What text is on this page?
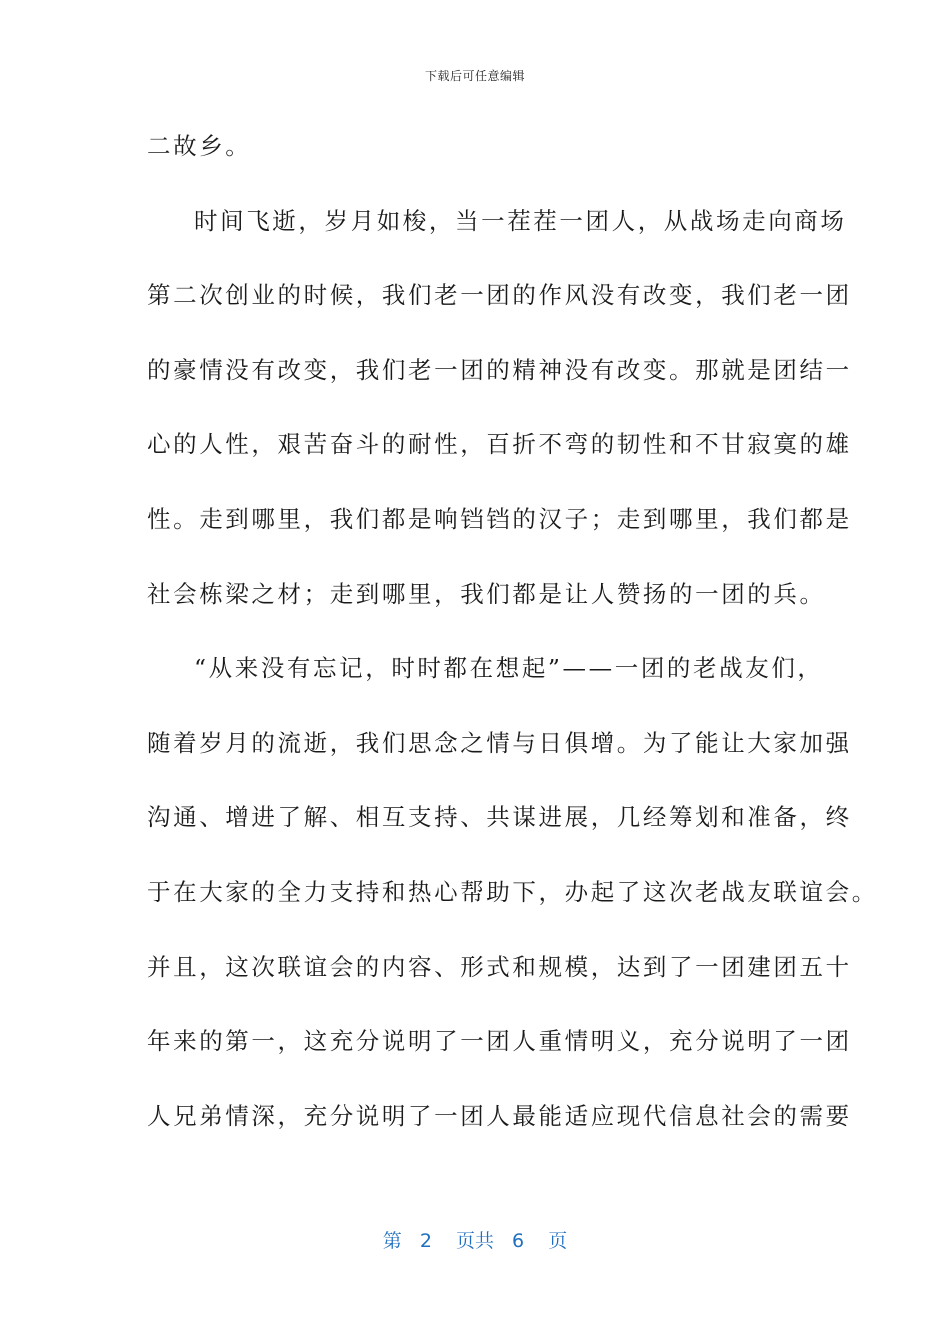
下载后可任意编辑
二故乡。
时间飞逝，岁月如梭，当一茬茬一团人，从战场走向商场
第二次创业的时候，我们老一团的作风没有改变，我们老一团
的豪情没有改变，我们老一团的精神没有改变。那就是团结一
心的人性，艰苦奋斗的耐性，百折不弯的韧性和不甘寂寞的雄
性。走到哪里，我们都是响铛铛的汉子；走到哪里，我们都是
社会栋梁之材；走到哪里，我们都是让人赞扬的一团的兵。
“从来没有忘记，时时都在想起”——一团的老战友们，
随着岁月的流逝，我们思念之情与日俱增。为了能让大家加强
沟通、增进了解、相互支持、共谋进展，几经筹划和准备，终
于在大家的全力支持和热心帮助下，办起了这次老战友联谊会。
并且，这次联谊会的内容、形式和规模，达到了一团建团五十
年来的第一，这充分说明了一团人重情明义，充分说明了一团
人兄弟情深，充分说明了一团人最能适应现代信息社会的需要
第 2 页共 6 页
